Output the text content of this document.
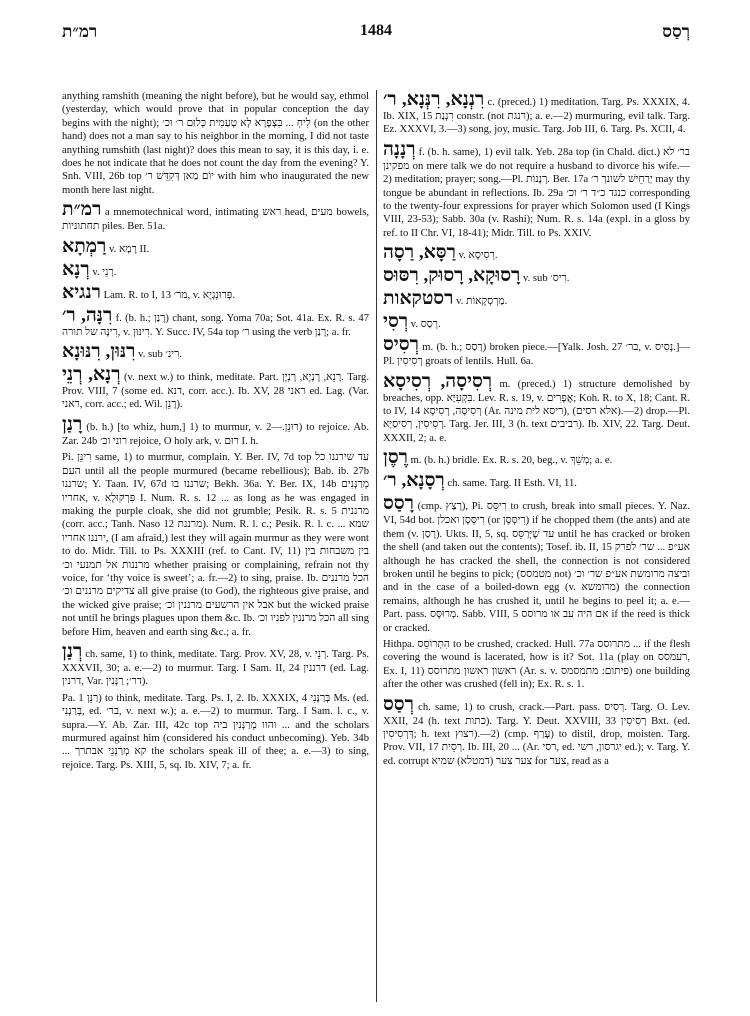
רמ״ת	1484	רְסַס

anything ramshith (meaning the night before), but he would say, ethmol (yesterday, which would prove that in popular conception the day begins with the night); לִיחְ ... בִּצְפָרָא לָא טְעַמִית כְּלוּם ר׳ וכ׳ (on the other hand) does not a man say to his neighbor in the morning, I did not taste anything rumshith (last night)? does this mean to say, it is this day, i. e. does he not indicate that he does not count the day from the evening? Y. Snh. VIII, 26b top יוֹם מַאן דְּקִדֵּשׁ ר׳ with him who inaugurated the new month here last night.

רמ״ת a mnemotechnical word, intimating ראש head, מעים bowels, תחתוניות piles. Ber. 51a.

רַמְתָא v. רָמָא II.

רְנָא v. רָנֵי.

רנגיא Lam. R. to I, 13 מר׳, v. פְּרוּנְגָיָא.

רִנָּה, ר׳ f. (b. h.; רָנַן) chant, song. Yoma 70a; Sot. 41a. Ex. R. s. 47 רִינָּה של תורה, v. רִינּוּן. Y. Succ. IV, 54a top ר׳ using the verb רָנַן; a. fr.

רִנּוּן, רִנּוּנָא v. sub רִינ׳.

רְנָא, רְנֵי (v. next w.) to think, meditate. Part. רָנֵא, רָנְיָא, רָנְיָן. Targ. Prov. VIII, 7 (some ed. דנא, corr. acc.). Ib. XV, 28 ראני ed. Lag. (Var. ראני, corr. acc.; ed. Wil. רָנֵן).

רָנַן (b. h.) [to whiz, hum,] 1) to murmur, v. רוּנֵן.—2) to rejoice. Ab. Zar. 24b רוני וכ׳ rejoice, O holy ark, v. רוּם I. h.

Pi. רִינֵּן same, 1) to murmur, complain. Y. Ber. IV, 7d top עד שירננו כל העם until all the people murmured (became rebellious); Bab. ib. 27b שרננו; Y. Taan. IV, 67d שרננו בו; Bekh. 36a. Y. Ber. IX, 14b מְרַנְּנִים אחריו, v. פִּרְקוּלָא I. Num. R. s. 12 ... as long as he was engaged in making the purple cloak, she did not grumble; Pesik. R. s. 5 מרננית (corr. acc.; Tanh. Naso 12 מרננת). Num. R. l. c.; Pesik. R. l. c. ... שמא ירננו אחריו, (I am afraid,) lest they will again murmur as they were wont to do. Midr. Till. to Ps. XXXIII (ref. to Cant. IV, 11) בין משבחות בין מרננות אל תמנעי וכ׳ whether praising or complaining, refrain not thy voice, for ‘thy voice is sweet’; a. fr.—2) to sing, praise. Ib. הכל מרננים צדיקים מרננים וכ׳ all give praise (to God), the righteous give praise, and the wicked give praise; אבל אין הרשעים מרננין וכ׳ but the wicked praise not until he brings plagues upon them &c. Ib. הכל מרננין לפניו וכ׳ all sing before Him, heaven and earth sing &c.; a. fr.

רְנַן ch. same, 1) to think, meditate. Targ. Prov. XV, 28, v. רְנֵי. Targ. Ps. XXXVII, 30; a. e.—2) to murmur. Targ. I Sam. II, 24 דרננין (ed. Lag. דרנין, Var. דר׳; רַנְּנִין).

Pa. רַנֵּן 1) to think, meditate. Targ. Ps. I, 2. Ib. XXXIX, 4 בְּרַנָּנִי Ms. (ed. בְּרַנְנִי, ed. בר׳, v. next w.); a. e.—2) to murmur. Targ. I Sam. l. c., v. supra.—Y. Ab. Zar. III, 42c top והוו מְרַנְּנִין ביה ... and the scholars murmured against him (considered his conduct unbecoming). Yeb. 34b ... קא מְרַנְּנֵי אבתרך the scholars speak ill of thee; a. e.—3) to sing, rejoice. Targ. Ps. XIII, 5, sq. Ib. XIV, 7; a. fr.

רִנְנָא, רִנְּנָא, ר׳ c. (preced.) 1) meditation. Targ. Ps. XXXIX, 4. Ib. XIX, 15 רִנְנַת constr. (not רנגת); a. e.—2) murmuring, evil talk. Targ. Ez. XXXVI, 3.—3) song, joy, music. Targ. Job III, 6. Targ. Ps. XCII, 4.

רְנָנָה f. (b. h. same), 1) evil talk. Yeb. 28a top (in Chald. dict.) בר׳ לא מפקינן on mere talk we do not require a husband to divorce his wife.—2) meditation; prayer; song.—Pl. רְנָנוֹת. Ber. 17a יְרַחֵישׁ לשונך ר׳ may thy tongue be abundant in reflections. Ib. 29a כנגד כ״ד ר׳ וכ׳ corresponding to the twenty-four expressions for prayer which Solomon used (I Kings VIII, 23-53); Sabb. 30a (v. Rashi); Num. R. s. 14a (expl. in a gloss by ref. to II Chr. VI, 18-41); Midr. Till. to Ps. XXIV.

רַסָּא, רַסָה v. רְסִיסָא.

רָסוּקָא, רָסוּק, רִסּוּס v. sub רִיס׳.

רסטקאות v. מַרְסְקָאוֹת.

רְסִי v. רְסַס.

רְסִיס m. (b. h.; רָסַס) broken piece.—[Yalk. Josh. 27 בר׳, v. נְסִיס.]—Pl. רְסִיסִין groats of lentils. Hull. 6a.

רְסִיסָה, רְסִיסָא m. (preced.) 1) structure demolished by breaches, opp. בִּקְעִיָּא. Lev. R. s. 19, v. אֲפָרִים; Koh. R. to X, 18; Cant. R. to IV, 14 רְסִיסָה, רְסִיסָא (Ar. ריסא לית מינה), (אלא רסים).—2) drop.—Pl. רְסִיסִין, רְסִיסַיָּא. Targ. Jer. III, 3 (h. text רביבים). Ib. XIV, 22. Targ. Deut. XXXII, 2; a. e.

רֶסֶן m. (b. h.) bridle. Ex. R. s. 20, beg., v. מְשֵׁךְ; a. e.

רְסָנָא, ר׳ ch. same. Targ. II Esth. VI, 11.

רָסַס (cmp. רָצַץ), Pi. רִיסֵּס to crush, break into small pieces. Y. Naz. VI, 54d bot. רִיסְּסָן ואכלן (or רִיסְּסָן) if he chopped them (the ants) and ate them (v. רָסַן). Ukts. II, 5, sq. עד שֶׁיְּרַסֵּס until he has cracked or broken the shell (and taken out the contents); Tosef. ib. II, 15 אע״פ ... שר׳ לפרק although he has cracked the shell, the connection is not considered broken until he begins to pick; (מטמסס not) וביצה מרומשת אע״פ שר׳ וכ׳ and in the case of a boiled-down egg (v. מרומשא) the connection remains, although he has crushed it, until he begins to peel it; a. e.—Part. pass. מְרוּסָּס. Sabb. VIII, 5 אם היה עב או מרוסס if the reed is thick or cracked.

Hithpa. הִתְרוֹסֵס to be crushed, cracked. Hull. 77a מתרוסס ... if the flesh covering the wound is lacerated, how is it? Sot. 11a (play on רעמסס, Ex. I, 11) ראשון ראשון מתרוסס (Ar. s. v. פיתום: מתמסמס) one building after the other was crushed (fell in); Ex. R. s. 1.

רְסַס ch. same, 1) to crush, crack.—Part. pass. רְסִיס. Targ. O. Lev. XXII, 24 (h. text כתות). Targ. Y. Deut. XXVIII, 33 רְסִיסִין Bxt. (ed. דְּרְסִיסִין; h. text רצוץ).—2) (cmp. עָרַף) to distil, drop, moisten. Targ. Prov. VII, 17 רְסֵית. Ib. III, 20 ... (Ar. רסי, ed. יגרסון, רשי ed.); v. Targ. Y. ed. corrupt צער צער (דמטלא) שמיא for צער, read as a
